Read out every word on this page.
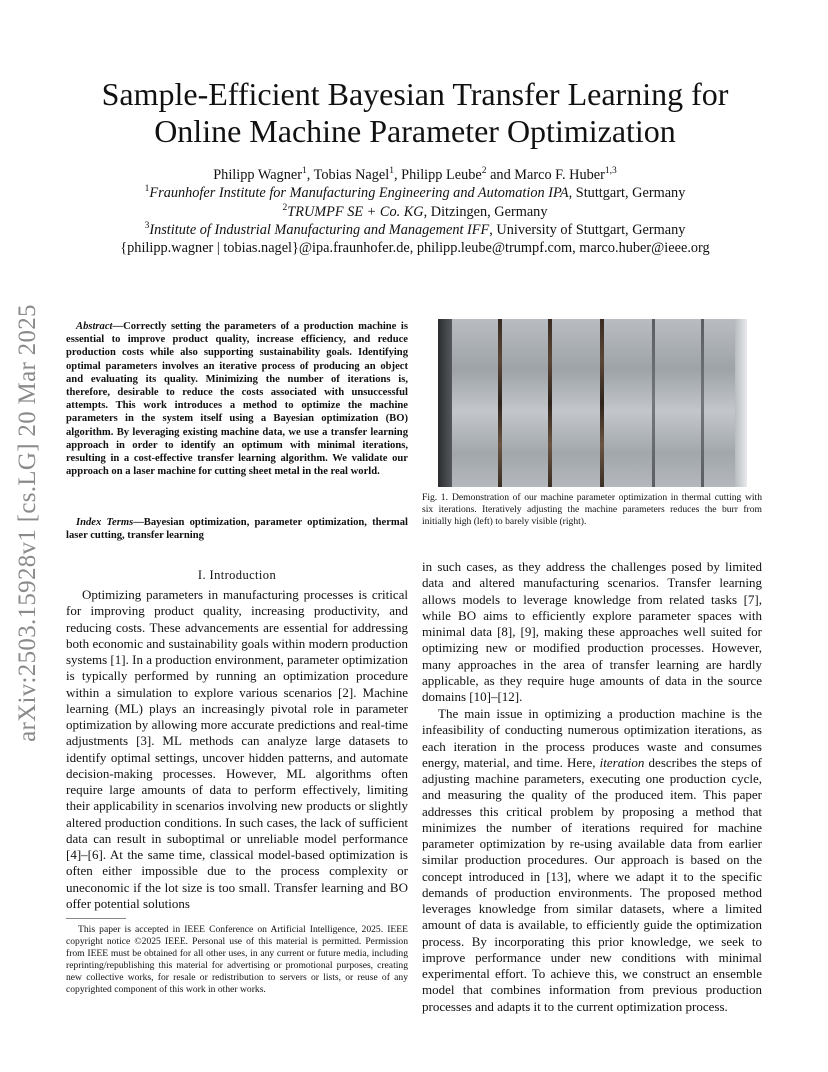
arXiv:2503.15928v1 [cs.LG] 20 Mar 2025
Sample-Efficient Bayesian Transfer Learning for
Online Machine Parameter Optimization
Philipp Wagner$^1$, Tobias Nagel$^1$, Philipp Leube$^2$ and Marco F. Huber$^{1,3}$
$^1$Fraunhofer Institute for Manufacturing Engineering and Automation IPA, Stuttgart, Germany
$^2$TRUMPF SE + Co. KG, Ditzingen, Germany
$^3$Institute of Industrial Manufacturing and Management IFF, University of Stuttgart, Germany
{philipp.wagner | tobias.nagel}@ipa.fraunhofer.de, philipp.leube@trumpf.com, marco.huber@ieee.org

Abstract—Correctly setting the parameters of a production machine is essential to improve product quality, increase efficiency, and reduce production costs while also supporting sustainability goals. Identifying optimal parameters involves an iterative process of producing an object and evaluating its quality. Minimizing the number of iterations is, therefore, desirable to reduce the costs associated with unsuccessful attempts. This work introduces a method to optimize the machine parameters in the system itself using a Bayesian optimization (BO) algorithm. By leveraging existing machine data, we use a transfer learning approach in order to identify an optimum with minimal iterations, resulting in a cost-effective transfer learning algorithm. We validate our approach on a laser machine for cutting sheet metal in the real world.

Index Terms—Bayesian optimization, parameter optimization, thermal laser cutting, transfer learning

I. Introduction

Optimizing parameters in manufacturing processes is critical for improving product quality, increasing productivity, and reducing costs. These advancements are essential for addressing both economic and sustainability goals within modern production systems [1]. In a production environment, parameter optimization is typically performed by running an optimization procedure within a simulation to explore various scenarios [2]. Machine learning (ML) plays an increasingly pivotal role in parameter optimization by allowing more accurate predictions and real-time adjustments [3]. ML methods can analyze large datasets to identify optimal settings, uncover hidden patterns, and automate decision-making processes. However, ML algorithms often require large amounts of data to perform effectively, limiting their applicability in scenarios involving new products or slightly altered production conditions. In such cases, the lack of sufficient data can result in suboptimal or unreliable model performance [4]–[6]. At the same time, classical model-based optimization is often either impossible due to the process complexity or uneconomic if the lot size is too small. Transfer learning and BO offer potential solutions

This paper is accepted in IEEE Conference on Artificial Intelligence, 2025. IEEE copyright notice ©2025 IEEE. Personal use of this material is permitted. Permission from IEEE must be obtained for all other uses, in any current or future media, including reprinting/republishing this material for advertising or promotional purposes, creating new collective works, for resale or redistribution to servers or lists, or reuse of any copyrighted component of this work in other works.

Fig. 1. Demonstration of our machine parameter optimization in thermal cutting with six iterations. Iteratively adjusting the machine parameters reduces the burr from initially high (left) to barely visible (right).

in such cases, as they address the challenges posed by limited data and altered manufacturing scenarios. Transfer learning allows models to leverage knowledge from related tasks [7], while BO aims to efficiently explore parameter spaces with minimal data [8], [9], making these approaches well suited for optimizing new or modified production processes. However, many approaches in the area of transfer learning are hardly applicable, as they require huge amounts of data in the source domains [10]–[12].

The main issue in optimizing a production machine is the infeasibility of conducting numerous optimization iterations, as each iteration in the process produces waste and consumes energy, material, and time. Here, iteration describes the steps of adjusting machine parameters, executing one production cycle, and measuring the quality of the produced item. This paper addresses this critical problem by proposing a method that minimizes the number of iterations required for machine parameter optimization by re-using available data from earlier similar production procedures. Our approach is based on the concept introduced in [13], where we adapt it to the specific demands of production environments. The proposed method leverages knowledge from similar datasets, where a limited amount of data is available, to efficiently guide the optimization process. By incorporating this prior knowledge, we seek to improve performance under new conditions with minimal experimental effort. To achieve this, we construct an ensemble model that combines information from previous production processes and adapts it to the current optimization process.
